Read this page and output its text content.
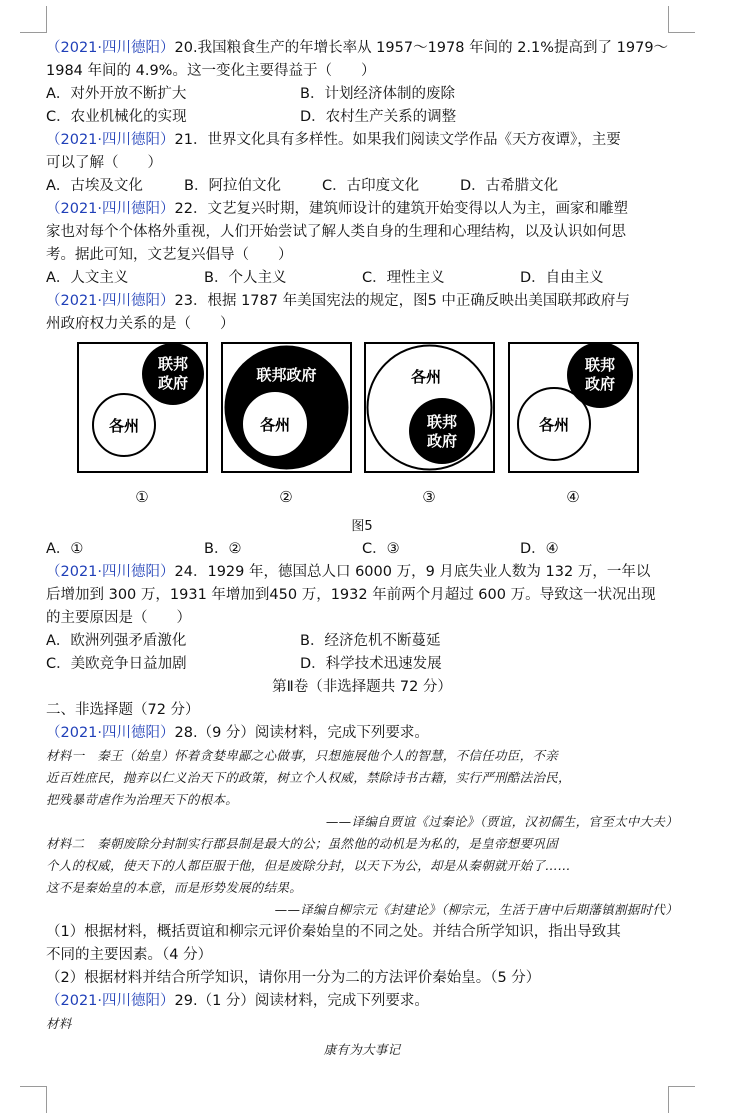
（2021·四川德阳）20.我国粮食生产的年增长率从 1957～1978 年间的 2.1%提高到了 1979～
1984 年间的 4.9%。这一变化主要得益于（　　）
A．对外开放不断扩大	B．计划经济体制的废除
C．农业机械化的实现	D．农村生产关系的调整
（2021·四川德阳）21．世界文化具有多样性。如果我们阅读文学作品《天方夜谭》，主要
可以了解（　　）
A．古埃及文化	B．阿拉伯文化	C．古印度文化	D．古希腊文化
（2021·四川德阳）22．文艺复兴时期，建筑师设计的建筑开始变得以人为主，画家和雕塑
家也对每个个体格外重视，人们开始尝试了解人类自身的生理和心理结构，以及认识如何思
考。据此可知，文艺复兴倡导（　　）
A．人文主义	B．个人主义	C．理性主义	D．自由主义
（2021·四川德阳）23．根据 1787 年美国宪法的规定，图5 中正确反映出美国联邦政府与
州政府权力关系的是（　　）
联邦
政府
各州
联邦政府
各州
各州
联邦
政府
联邦
政府
各州
①	②	③	④
图5
A．①	B．②	C．③	D．④
（2021·四川德阳）24．1929 年，德国总人口 6000 万，9 月底失业人数为 132 万，一年以
后增加到 300 万，1931 年增加到450 万，1932 年前两个月超过 600 万。导致这一状况出现
的主要原因是（　　）
A．欧洲列强矛盾激化	B．经济危机不断蔓延
C．美欧竞争日益加剧	D．科学技术迅速发展
第Ⅱ卷（非选择题共 72 分）
二、非选择题（72 分）
（2021·四川德阳）28.（9 分）阅读材料，完成下列要求。
材料一　秦王（始皇）怀着贪婪卑鄙之心做事，只想施展他个人的智慧，不信任功臣，不亲
近百姓庶民，抛弃以仁义治天下的政策，树立个人权威，禁除诗书古籍，实行严刑酷法治民，
把残暴苛虐作为治理天下的根本。
——译编自贾谊《过秦论》（贾谊，汉初儒生，官至太中大夫）
材料二　秦朝废除分封制实行郡县制是最大的公；虽然他的动机是为私的，是皇帝想要巩固
个人的权威，使天下的人都臣服于他，但是废除分封，以天下为公，却是从秦朝就开始了……
这不是秦始皇的本意，而是形势发展的结果。
——译编自柳宗元《封建论》（柳宗元，生活于唐中后期藩镇割据时代）
（1）根据材料，概括贾谊和柳宗元评价秦始皇的不同之处。并结合所学知识，指出导致其
不同的主要因素。（4 分）
（2）根据材料并结合所学知识，请你用一分为二的方法评价秦始皇。（5 分）
（2021·四川德阳）29.（1 分）阅读材料，完成下列要求。
材料
康有为大事记
